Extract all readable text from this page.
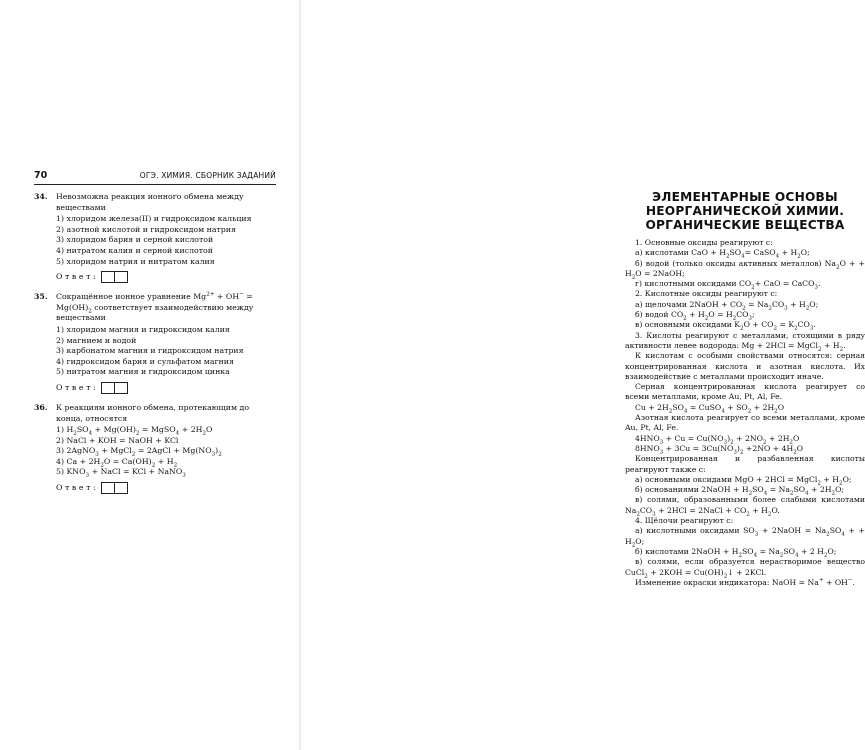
70	ОГЭ. ХИМИЯ. СБОРНИК ЗАДАНИЙ
34. Невозможна реакция ионного обмена между веществами
1) хлоридом железа(II) и гидроксидом кальция
2) азотной кислотой и гидроксидом натрия
3) хлоридом бария и серной кислотой
4) нитратом калия и серной кислотой
5) хлоридом натрия и нитратом калия
Ответ:
35. Сокращённое ионное уравнение $Mg^{2+} + OH^- = Mg(OH)_2$ соответствует взаимодействию между веществами
1) хлоридом магния и гидроксидом калия
2) магнием и водой
3) карбонатом магния и гидроксидом натрия
4) гидроксидом бария и сульфатом магния
5) нитратом магния и гидроксидом цинка
Ответ:
36. К реакциям ионного обмена, протекающим до конца, относятся
1) $H_2SO_4 + Mg(OH)_2$ = MgSO$_4$ + $2H_2O$
2) NaCl + KOH = NaOH + KCl
3) 2AgNO$_3$ + MgCl$_2$ = 2AgCl + $Mg(NO_3)_2$
4) $Ca + 2H_2O = Ca(OH)_2 + H_2$
5) $KNO_3$ + NaCl = KCl + NaNO$_3$
Ответ:
ЭЛЕМЕНТАРНЫЕ ОСНОВЫ
НЕОРГАНИЧЕСКОЙ ХИМИИ.
ОРГАНИЧЕСКИЕ ВЕЩЕСТВА

1. Основные оксиды реагируют с:

а) кислотами CaO + $H_2SO_4=$ CaSO$_4$ + $H_2O$;

б) водой (только оксиды активных металлов) $Na_2O$ + + $H_2O$ = 2NaOH;

г) кислотными оксидами $CO_2+$ CaO = CaCO$_3$.

2. Кислотные оксиды реагируют с:

а) щелочами 2NaOH + $CO_2 = Na_2CO_3 + H_2O$;

б) водой $CO_2 + H_2O = H_2CO_3$;

в) основными оксидами $K_2O + CO_2 = K_2CO_3$.

3. Кислоты реагируют с металлами, стоящими в ряду активности левее водорода: Mg + 2HCl = MgCl$_2$ + $H_2$.

К кислотам с особыми свойствами относятся: серная концентрированная кислота и азотная кислота. Их взаимодействие с металлами происходит иначе.

Серная концентрированная кислота реагирует со всеми металлами, кроме Au, Pt, Al, Fe.

$Cu + 2H_2SO_4$ = CuSO$_4$ + $SO_2 + 2H_2O$

Азотная кислота реагирует со всеми металлами, кроме Au, Pt, Al, Fe.

$4HNO_3 + Cu = Cu(NO_3)_2 + 2NO_2 + 2H_2O$

$8HNO_3 + 3Cu = 3Cu(NO_3)_2 +2NO + 4H_2O$

Концентрированная и разбавленная кислоты реагируют также с:

а) основными оксидами MgO + 2HCl = MgCl$_2$ + $H_2O$;

б) основаниями 2NaOH + $H_2SO_4 = Na_2SO_4 + 2H_2O$;

в) солями, образованными более слабыми кислотами $Na_2CO_3 + 2HCl$ = 2NaCl + $CO_2 + H_2O$.

4. Щёлочи реагируют с:

а) кислотными оксидами $SO_3$ + 2NaOH = $Na_2SO_4$ + + $H_2O$;

б) кислотами 2NaOH + $H_2SO_4 = Na_2SO_4 + 2$ $H_2O$;

в) солями, если образуется нерастворимое вещество CuCl$_2$ + $2KOH = Cu(OH)_2↓ + 2KCl$.

Изменение окраски индикатора: NaOH = Na+ + OH−.
